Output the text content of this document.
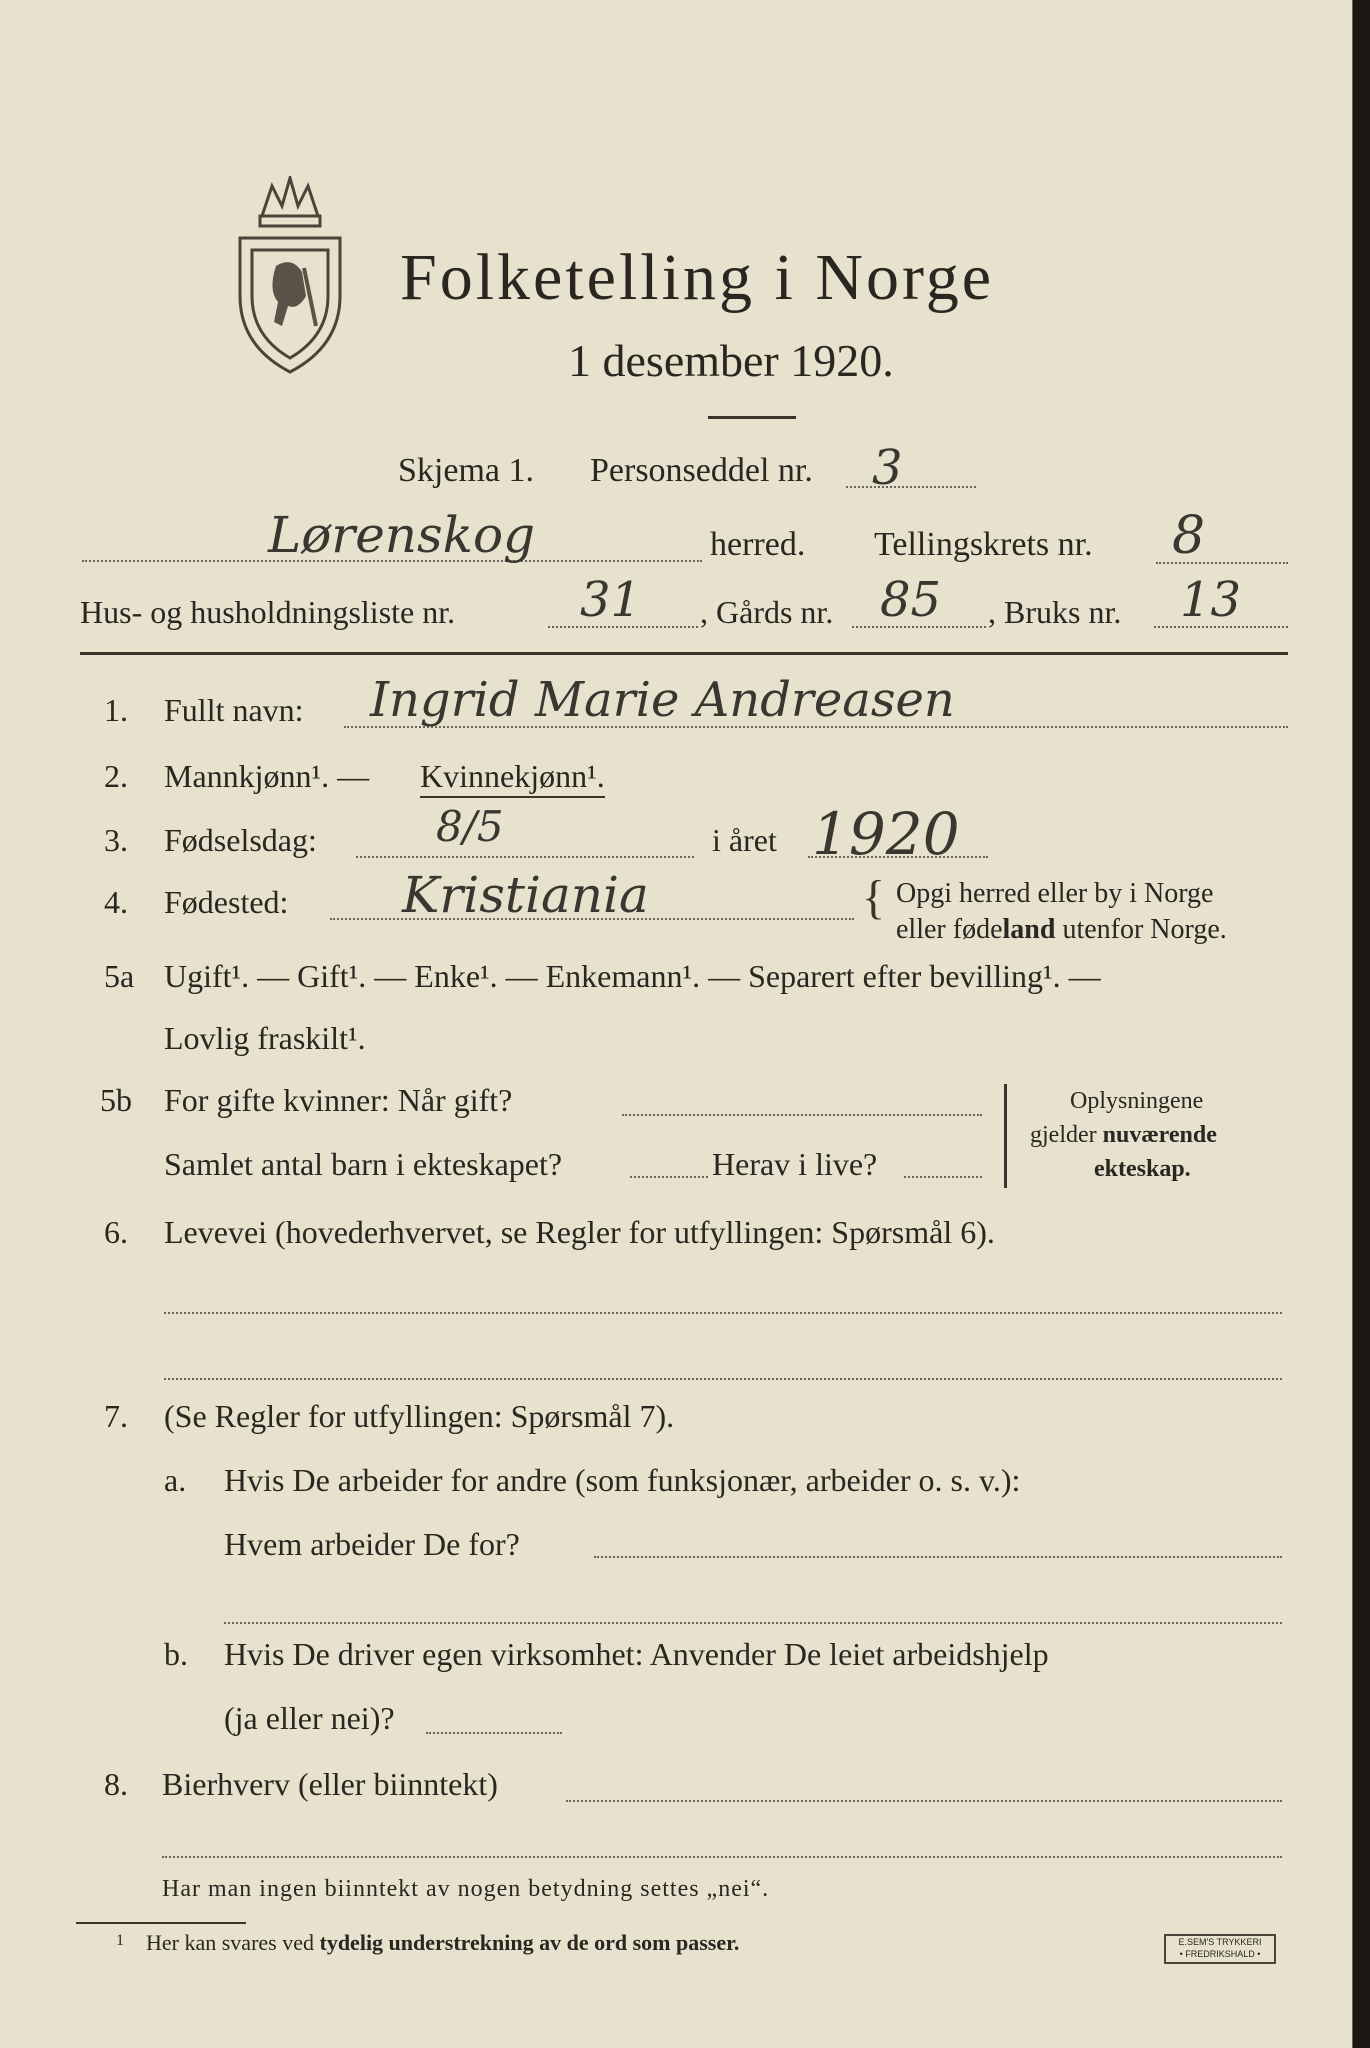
Folketelling i Norge
1 desember 1920.
Skjema 1. Personseddel nr. 3
Lørenskog	herred. Tellingskrets nr. 8
Hus- og husholdningsliste nr.	31 , Gårds nr. 85 , Bruks nr. 13
1. Fullt navn: Ingrid Marie Andreasen
2. Mannkjønn¹. — Kvinnekjønn¹.
3. Fødselsdag:	8/5	i året 1920
4. Fødested: Kristiania	{ Opgi herred eller by i Norge
eller fødeland utenfor Norge.
5a Ugift¹. — Gift¹. — Enke¹. — Enkemann¹. — Separert efter bevilling¹. —
Lovlig fraskilt¹.
5b For gifte kvinner: Når gift?
Samlet antal barn i ekteskapet?	Herav i live?
Oplysningene
gjelder nuværende
ekteskap.
6. Levevei (hovederhvervet, se Regler for utfyllingen: Spørsmål 6).
7. (Se Regler for utfyllingen: Spørsmål 7).
a. Hvis De arbeider for andre (som funksjonær, arbeider o. s. v.):
Hvem arbeider De for?
b. Hvis De driver egen virksomhet: Anvender De leiet arbeidshjelp
(ja eller nei)?
8. Bierhverv (eller biinntekt)
Har man ingen biinntekt av nogen betydning settes „nei“.
1 Her kan svares ved tydelig understrekning av de ord som passer.	E.SEM'S TRYKKERI
• FREDRIKSHALD •
